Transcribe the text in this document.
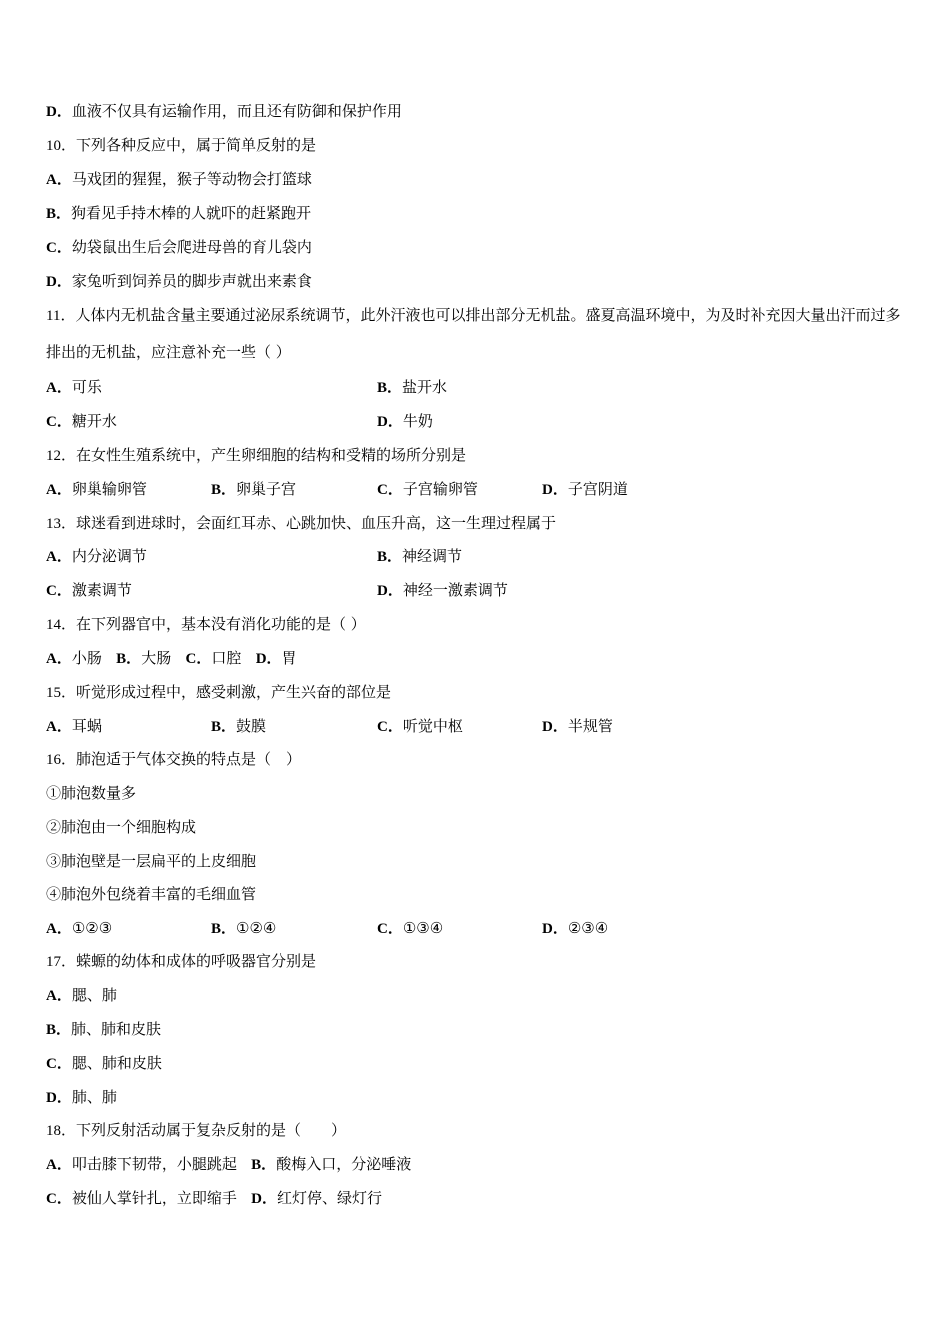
D．血液不仅具有运输作用，而且还有防御和保护作用
10．下列各种反应中，属于简单反射的是
A．马戏团的猩猩，猴子等动物会打篮球
B．狗看见手持木棒的人就吓的赶紧跑开
C．幼袋鼠出生后会爬进母兽的育儿袋内
D．家兔听到饲养员的脚步声就出来素食
11．人体内无机盐含量主要通过泌尿系统调节，此外汗液也可以排出部分无机盐。盛夏高温环境中，为及时补充因大量出汗而过多排出的无机盐，应注意补充一些（ ）
A．可乐	B．盐开水
C．糖开水	D．牛奶
12．在女性生殖系统中，产生卵细胞的结构和受精的场所分别是
A．卵巢输卵管	B．卵巢子宫	C．子宫输卵管	D．子宫阴道
13．球迷看到进球时，会面红耳赤、心跳加快、血压升高，这一生理过程属于
A．内分泌调节	B．神经调节
C．激素调节	D．神经一激素调节
14．在下列器官中，基本没有消化功能的是（ ）
A．小肠 B．大肠 C．口腔 D．胃
15．听觉形成过程中，感受刺激，产生兴奋的部位是
A．耳蜗	B．鼓膜	C．听觉中枢	D．半规管
16．肺泡适于气体交换的特点是（　）
①肺泡数量多
②肺泡由一个细胞构成
③肺泡壁是一层扁平的上皮细胞
④肺泡外包绕着丰富的毛细血管
A．①②③	B．①②④	C．①③④	D．②③④
17．蝾螈的幼体和成体的呼吸器官分别是
A．腮、肺
B．肺、肺和皮肤
C．腮、肺和皮肤
D．肺、肺
18．下列反射活动属于复杂反射的是（　　）
A．叩击膝下韧带，小腿跳起 B．酸梅入口，分泌唾液
C．被仙人掌针扎，立即缩手 D．红灯停、绿灯行
